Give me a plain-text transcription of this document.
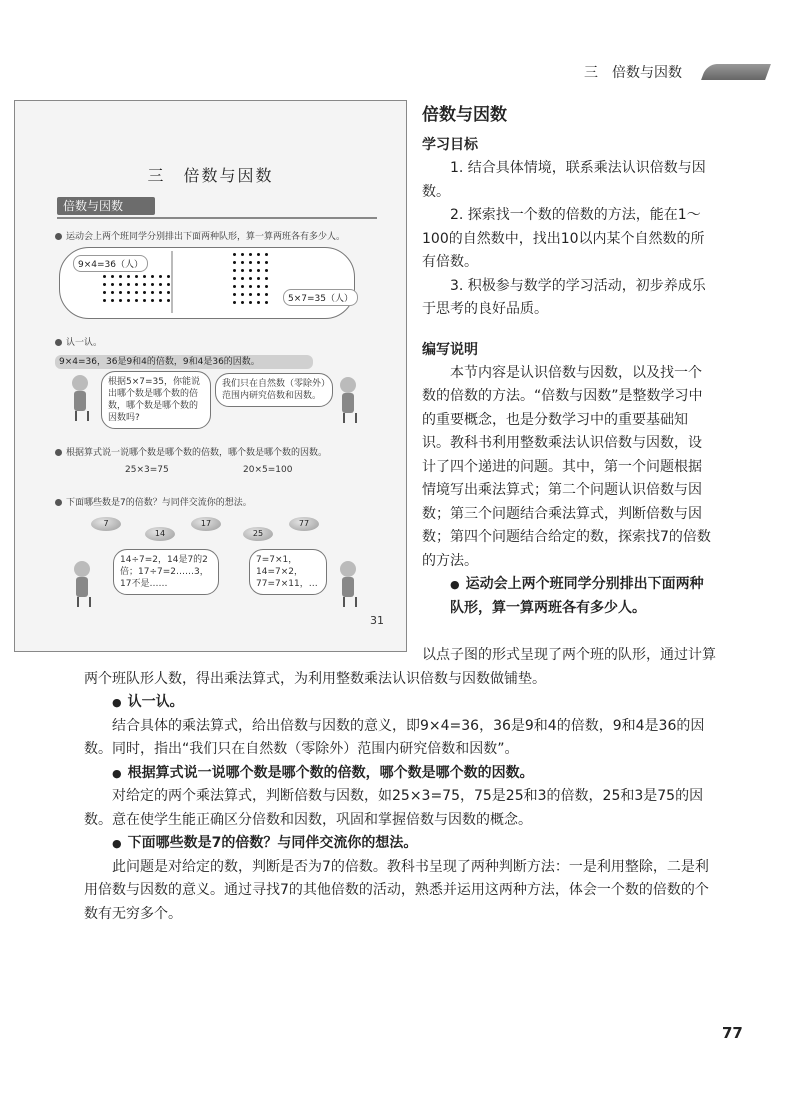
三　倍数与因数
三　倍数与因数
倍数与因数
运动会上两个班同学分别排出下面两种队形，算一算两班各有多少人。
9×4=36（人）
5×7=35（人）
认一认。
9×4=36，36是9和4的倍数，9和4是36的因数。
根据5×7=35，你能说出哪个数是哪个数的倍数，哪个数是哪个数的因数吗?
我们只在自然数（零除外）范围内研究倍数和因数。
根据算式说一说哪个数是哪个数的倍数，哪个数是哪个数的因数。
25×3=75	20×5=100
下面哪些数是7的倍数？与同伴交流你的想法。
7
14
17
25
77
14÷7=2，14是7的2倍；17÷7=2……3，17不是……
7=7×1，14=7×2，77=7×11，…
31
倍数与因数
学习目标

1. 结合具体情境，联系乘法认识倍数与因数。

2. 探索找一个数的倍数的方法，能在1～100的自然数中，找出10以内某个自然数的所有倍数。

3. 积极参与数学的学习活动，初步养成乐于思考的良好品质。

编写说明

本节内容是认识倍数与因数，以及找一个数的倍数的方法。“倍数与因数”是整数学习中的重要概念，也是分数学习中的重要基础知识。教科书利用整数乘法认识倍数与因数，设计了四个递进的问题。其中，第一个问题根据情境写出乘法算式；第二个问题认识倍数与因数；第三个问题结合乘法算式，判断倍数与因数；第四个问题结合给定的数，探索找7的倍数的方法。

● 运动会上两个班同学分别排出下面两种队形，算一算两班各有多少人。

以点子图的形式呈现了两个班的队形，通过计算两个班队形人数，得出乘法算式，为利用整数乘法认识倍数与因数做铺垫。

● 认一认。

结合具体的乘法算式，给出倍数与因数的意义，即9×4=36，36是9和4的倍数，9和4是36的因数。同时，指出“我们只在自然数（零除外）范围内研究倍数和因数”。

● 根据算式说一说哪个数是哪个数的倍数，哪个数是哪个数的因数。

对给定的两个乘法算式，判断倍数与因数，如25×3=75，75是25和3的倍数，25和3是75的因数。意在使学生能正确区分倍数和因数，巩固和掌握倍数与因数的概念。

● 下面哪些数是7的倍数？与同伴交流你的想法。

此问题是对给定的数，判断是否为7的倍数。教科书呈现了两种判断方法：一是利用整除，二是利用倍数与因数的意义。通过寻找7的其他倍数的活动，熟悉并运用这两种方法，体会一个数的倍数的个数有无穷多个。

77
